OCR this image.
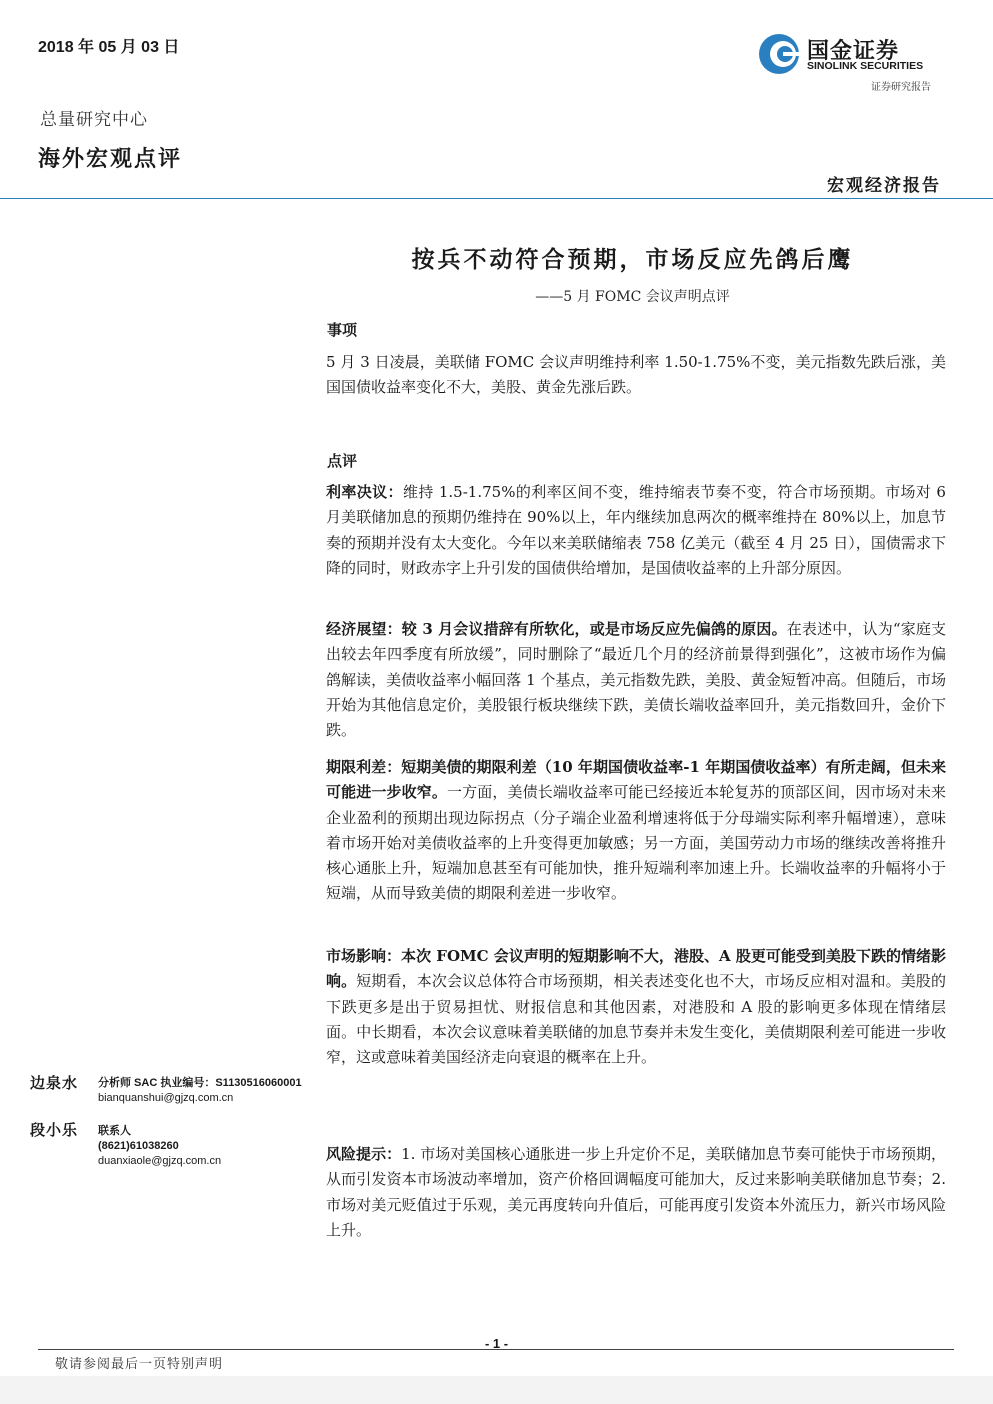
2018 年 05 月 03 日	国金证券
SINOLINK SECURITIES
证券研究报告
总量研究中心
海外宏观点评
宏观经济报告
按兵不动符合预期，市场反应先鸽后鹰
——5 月 FOMC 会议声明点评
事项
5 月 3 日凌晨，美联储 FOMC 会议声明维持利率 1.50-1.75%不变，美元指数先跌后涨，美国国债收益率变化不大，美股、黄金先涨后跌。
点评
利率决议：维持 1.5-1.75%的利率区间不变，维持缩表节奏不变，符合市场预期。市场对 6 月美联储加息的预期仍维持在 90%以上，年内继续加息两次的概率维持在 80%以上，加息节奏的预期并没有太大变化。今年以来美联储缩表 758 亿美元（截至 4 月 25 日），国债需求下降的同时，财政赤字上升引发的国债供给增加，是国债收益率的上升部分原因。
经济展望：较 3 月会议措辞有所软化，或是市场反应先偏鸽的原因。在表述中，认为“家庭支出较去年四季度有所放缓”，同时删除了“最近几个月的经济前景得到强化”，这被市场作为偏鸽解读，美债收益率小幅回落 1 个基点，美元指数先跌，美股、黄金短暂冲高。但随后，市场开始为其他信息定价，美股银行板块继续下跌，美债长端收益率回升，美元指数回升，金价下跌。
期限利差：短期美债的期限利差（10 年期国债收益率-1 年期国债收益率）有所走阔，但未来可能进一步收窄。一方面，美债长端收益率可能已经接近本轮复苏的顶部区间，因市场对未来企业盈利的预期出现边际拐点（分子端企业盈利增速将低于分母端实际利率升幅增速），意味着市场开始对美债收益率的上升变得更加敏感；另一方面，美国劳动力市场的继续改善将推升核心通胀上升，短端加息甚至有可能加快，推升短端利率加速上升。长端收益率的升幅将小于短端，从而导致美债的期限利差进一步收窄。
市场影响：本次 FOMC 会议声明的短期影响不大，港股、A 股更可能受到美股下跌的情绪影响。短期看，本次会议总体符合市场预期，相关表述变化也不大，市场反应相对温和。美股的下跌更多是出于贸易担忧、财报信息和其他因素，对港股和 A 股的影响更多体现在情绪层面。中长期看，本次会议意味着美联储的加息节奏并未发生变化，美债期限利差可能进一步收窄，这或意味着美国经济走向衰退的概率在上升。
风险提示：1. 市场对美国核心通胀进一步上升定价不足，美联储加息节奏可能快于市场预期，从而引发资本市场波动率增加，资产价格回调幅度可能加大，反过来影响美联储加息节奏；2.市场对美元贬值过于乐观，美元再度转向升值后，可能再度引发资本外流压力，新兴市场风险上升。
边泉水 分析师 SAC 执业编号：S1130516060001
bianquanshui@gjzq.com.cn
段小乐 联系人
(8621)61038260
duanxiaole@gjzq.com.cn
- 1 -
敬请参阅最后一页特别声明
